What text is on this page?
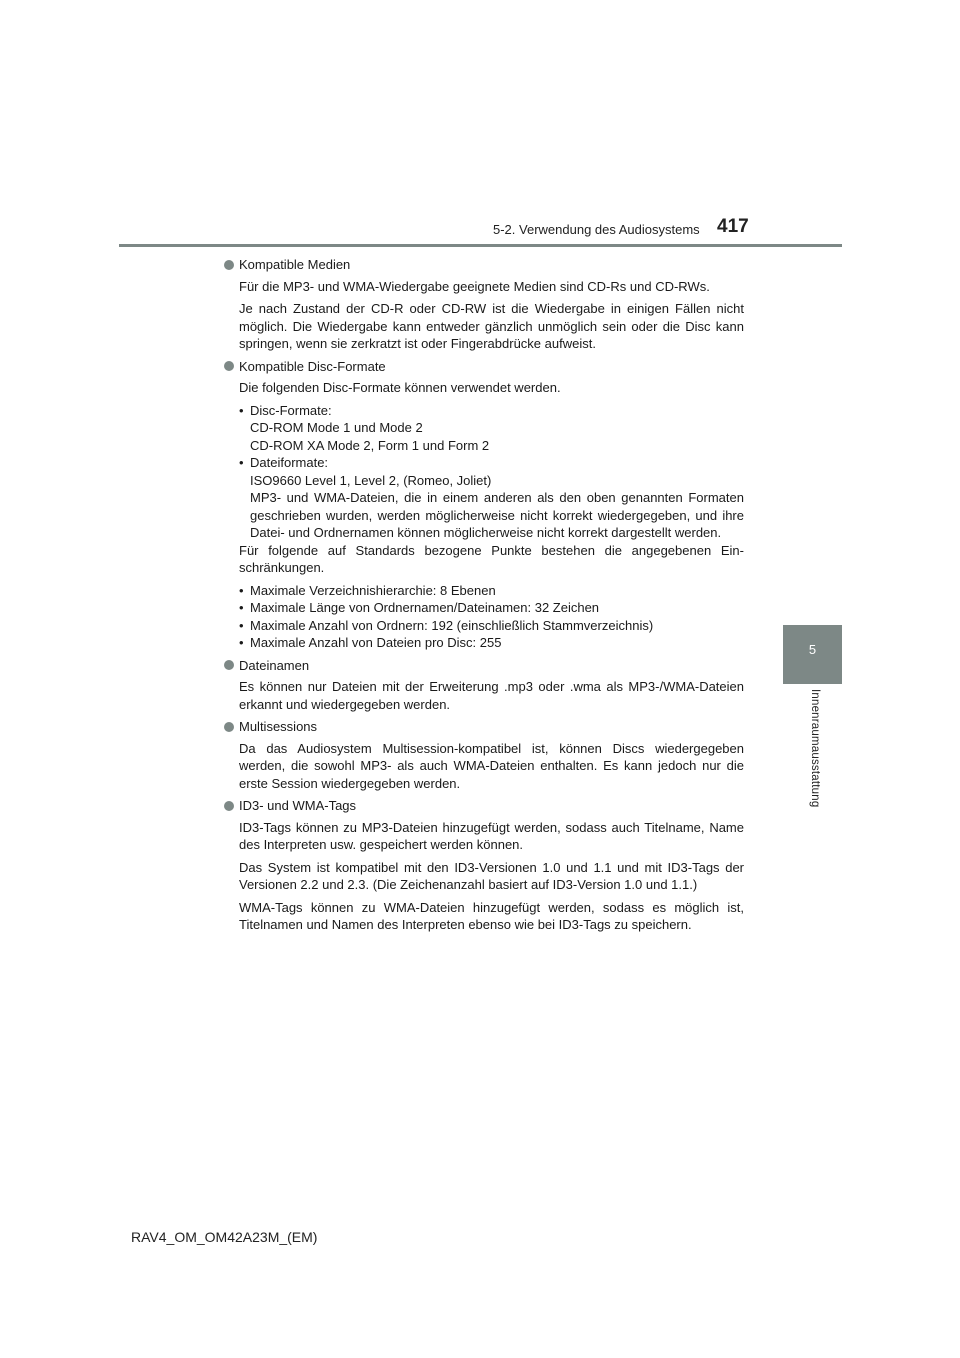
5-2. Verwendung des Audiosystems 417
5
Innenraumausstattung
Kompatible Medien

Für die MP3- und WMA-Wiedergabe geeignete Medien sind CD-Rs und CD-RWs.

Je nach Zustand der CD-R oder CD-RW ist die Wiedergabe in einigen Fällen nicht möglich. Die Wiedergabe kann entweder gänzlich unmöglich sein oder die Disc kann springen, wenn sie zerkratzt ist oder Fingerabdrücke aufweist.

Kompatible Disc-Formate

Die folgenden Disc-Formate können verwendet werden.

• Disc-Formate:
CD-ROM Mode 1 und Mode 2
CD-ROM XA Mode 2, Form 1 und Form 2
• Dateiformate:
ISO9660 Level 1, Level 2, (Romeo, Joliet)
MP3- und WMA-Dateien, die in einem anderen als den oben genannten Formaten geschrieben wurden, werden möglicherweise nicht korrekt wiedergegeben, und ihre Datei- und Ordnernamen können möglicherweise nicht korrekt dargestellt werden.

Für folgende auf Standards bezogene Punkte bestehen die angegebenen Ein-schränkungen.

• Maximale Verzeichnishierarchie: 8 Ebenen
• Maximale Länge von Ordnernamen/Dateinamen: 32 Zeichen
• Maximale Anzahl von Ordnern: 192 (einschließlich Stammverzeichnis)
• Maximale Anzahl von Dateien pro Disc: 255
Dateinamen

Es können nur Dateien mit der Erweiterung .mp3 oder .wma als MP3-/WMA-Dateien erkannt und wiedergegeben werden.

Multisessions

Da das Audiosystem Multisession-kompatibel ist, können Discs wiedergegeben werden, die sowohl MP3- als auch WMA-Dateien enthalten. Es kann jedoch nur die erste Session wiedergegeben werden.

ID3- und WMA-Tags

ID3-Tags können zu MP3-Dateien hinzugefügt werden, sodass auch Titelname, Name des Interpreten usw. gespeichert werden können.

Das System ist kompatibel mit den ID3-Versionen 1.0 und 1.1 und mit ID3-Tags der Versionen 2.2 und 2.3. (Die Zeichenanzahl basiert auf ID3-Version 1.0 und 1.1.)

WMA-Tags können zu WMA-Dateien hinzugefügt werden, sodass es möglich ist, Titelnamen und Namen des Interpreten ebenso wie bei ID3-Tags zu speichern.

RAV4_OM_OM42A23M_(EM)
